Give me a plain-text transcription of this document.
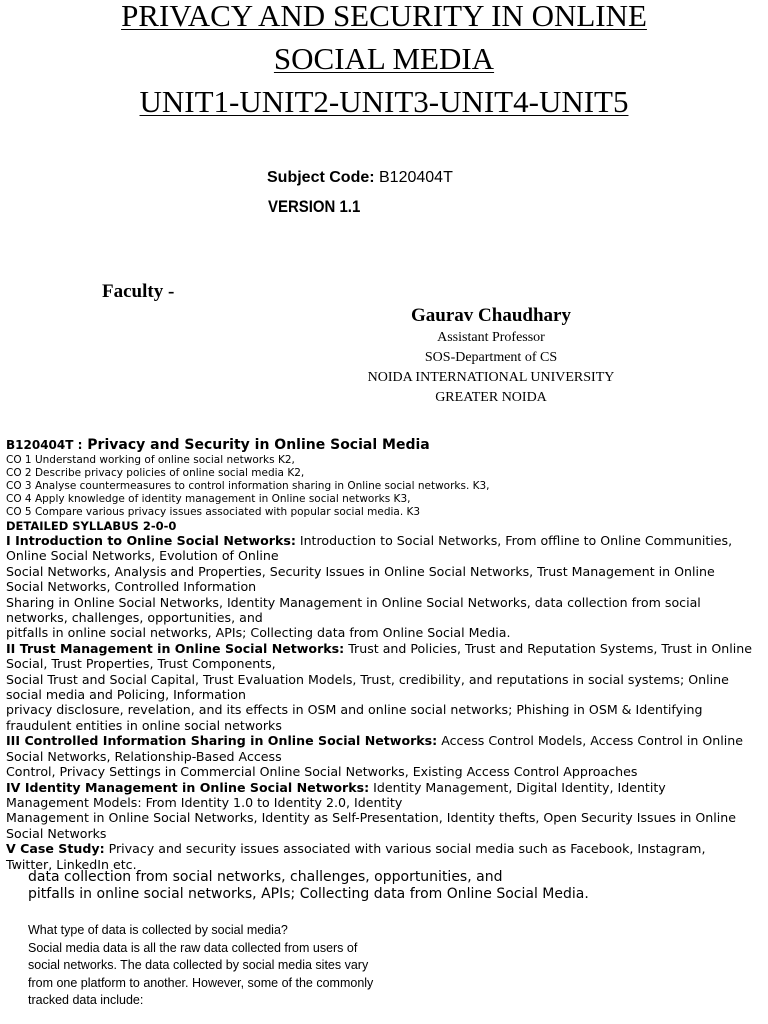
PRIVACY AND SECURITY IN ONLINE
SOCIAL MEDIA
UNIT1-UNIT2-UNIT3-UNIT4-UNIT5
Subject Code: B120404T
VERSION 1.1
Faculty -
Gaurav Chaudhary
Assistant Professor
SOS-Department of CS
NOIDA INTERNATIONAL UNIVERSITY
GREATER NOIDA
B120404T : Privacy and Security in Online Social Media
CO 1 Understand working of online social networks K2,
CO 2 Describe privacy policies of online social media K2,
CO 3 Analyse countermeasures to control information sharing in Online social networks. K3,
CO 4 Apply knowledge of identity management in Online social networks K3,
CO 5 Compare various privacy issues associated with popular social media. K3
DETAILED SYLLABUS 2-0-0
I Introduction to Online Social Networks: Introduction to Social Networks, From offline to Online Communities,
Online Social Networks, Evolution of Online
Social Networks, Analysis and Properties, Security Issues in Online Social Networks, Trust Management in Online
Social Networks, Controlled Information
Sharing in Online Social Networks, Identity Management in Online Social Networks, data collection from social
networks, challenges, opportunities, and
pitfalls in online social networks, APIs; Collecting data from Online Social Media.
II Trust Management in Online Social Networks: Trust and Policies, Trust and Reputation Systems, Trust in Online
Social, Trust Properties, Trust Components,
Social Trust and Social Capital, Trust Evaluation Models, Trust, credibility, and reputations in social systems; Online
social media and Policing, Information
privacy disclosure, revelation, and its effects in OSM and online social networks; Phishing in OSM & Identifying
fraudulent entities in online social networks
III Controlled Information Sharing in Online Social Networks: Access Control Models, Access Control in Online
Social Networks, Relationship-Based Access
Control, Privacy Settings in Commercial Online Social Networks, Existing Access Control Approaches
IV Identity Management in Online Social Networks: Identity Management, Digital Identity, Identity
Management Models: From Identity 1.0 to Identity 2.0, Identity
Management in Online Social Networks, Identity as Self-Presentation, Identity thefts, Open Security Issues in Online
Social Networks
V Case Study: Privacy and security issues associated with various social media such as Facebook, Instagram,
Twitter, LinkedIn etc.
data collection from social networks, challenges, opportunities, and
pitfalls in online social networks, APIs; Collecting data from Online Social Media.

What type of data is collected by social media?

Social media data is all the raw data collected from users of

social networks. The data collected by social media sites vary

from one platform to another. However, some of the commonly

tracked data include:
